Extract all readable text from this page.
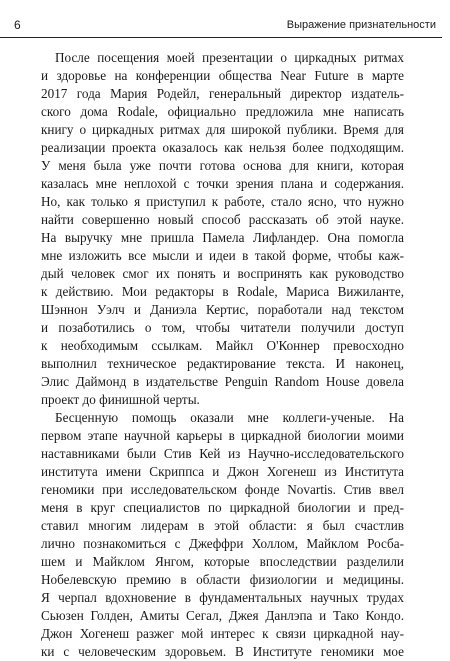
6	Выражение признательности
После посещения моей презентации о циркадных ритмах
и здоровье на конференции общества Near Future в марте
2017 года Мария Родейл, генеральный директор издатель-
ского дома Rodale, официально предложила мне написать
книгу о циркадных ритмах для широкой публики. Время для
реализации проекта оказалось как нельзя более подходящим.
У меня была уже почти готова основа для книги, которая
казалась мне неплохой с точки зрения плана и содержания.
Но, как только я приступил к работе, стало ясно, что нужно
найти совершенно новый способ рассказать об этой науке.
На выручку мне пришла Памела Лифландер. Она помогла
мне изложить все мысли и идеи в такой форме, чтобы каж-
дый человек смог их понять и воспринять как руководство
к действию. Мои редакторы в Rodale, Мариса Вижиланте,
Шэннон Уэлч и Даниэла Кертис, поработали над текстом
и позаботились о том, чтобы читатели получили доступ
к необходимым ссылкам. Майкл О'Коннер превосходно
выполнил техническое редактирование текста. И наконец,
Элис Даймонд в издательстве Penguin Random House довела
проект до финишной черты.
Бесценную помощь оказали мне коллеги-ученые. На
первом этапе научной карьеры в циркадной биологии моими
наставниками были Стив Кей из Научно-исследовательского
института имени Скриппса и Джон Хогенеш из Института
геномики при исследовательском фонде Novartis. Стив ввел
меня в круг специалистов по циркадной биологии и пред-
ставил многим лидерам в этой области: я был счастлив
лично познакомиться с Джеффри Холлом, Майклом Росба-
шем и Майклом Янгом, которые впоследствии разделили
Нобелевскую премию в области физиологии и медицины.
Я черпал вдохновение в фундаментальных научных трудах
Сьюзен Голден, Амиты Сегал, Джея Данлэпа и Тако Кондо.
Джон Хогенеш разжег мой интерес к связи циркадной нау-
ки с человеческим здоровьем. В Институте геномики мое
